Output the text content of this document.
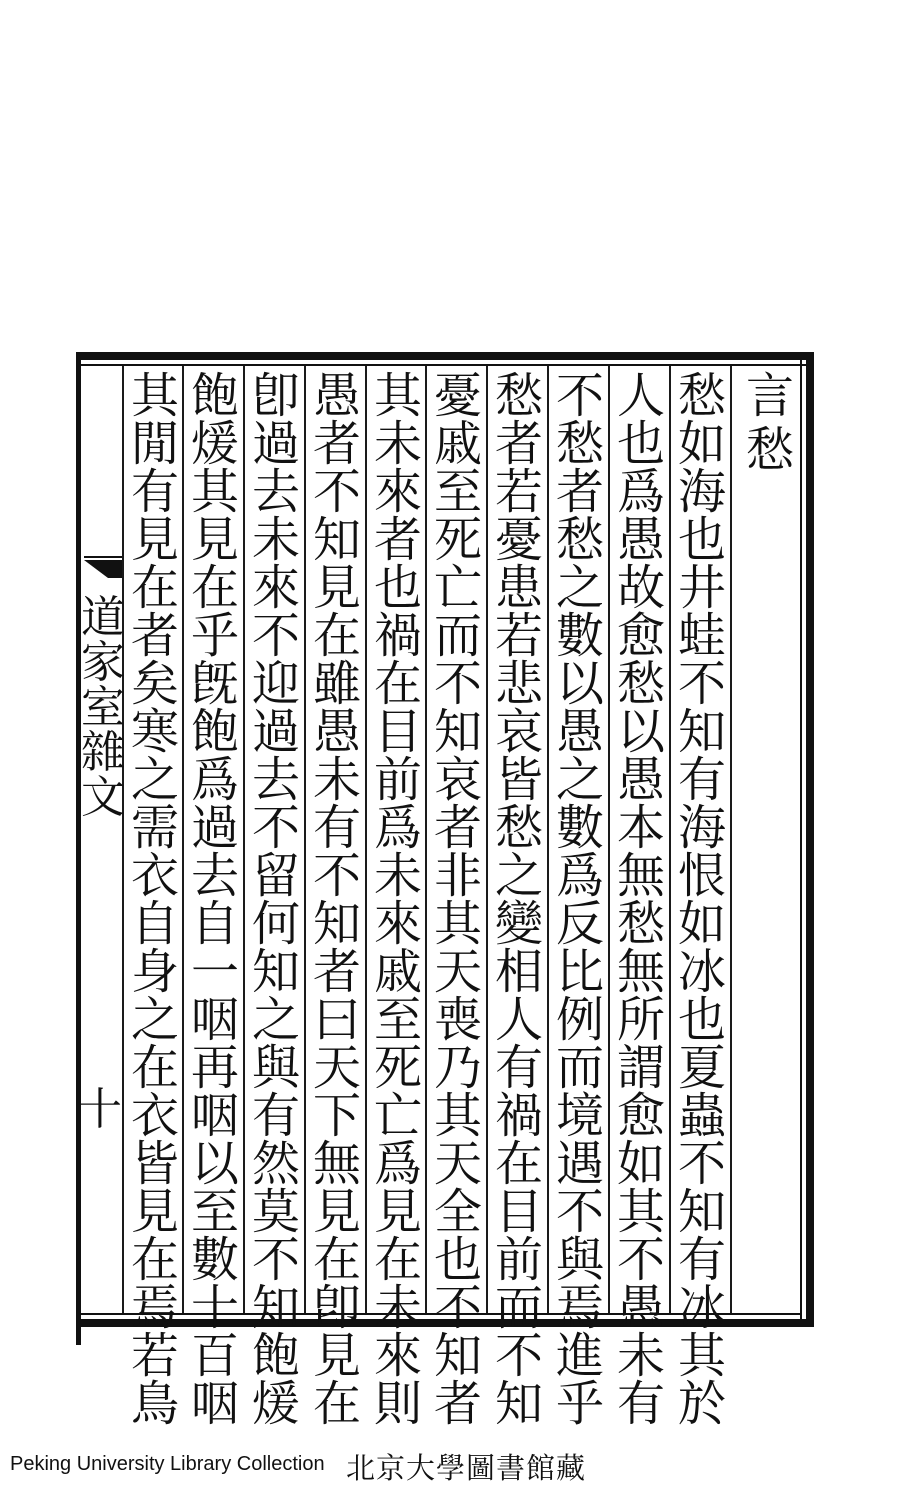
道
家
室
雜
文
十
言
愁
愁
如
海
也
井
蛙
不
知
有
海
恨
如
冰
也
夏
蟲
不
知
有
冰
其
於
人
也
爲
愚
故
愈
愁
以
愚
本
無
愁
無
所
謂
愈
如
其
不
愚
未
有
不
愁
者
愁
之
數
以
愚
之
數
爲
反
比
例
而
境
遇
不
與
焉
進
乎
愁
者
若
憂
患
若
悲
哀
皆
愁
之
變
相
人
有
禍
在
目
前
而
不
知
憂
戚
至
死
亡
而
不
知
哀
者
非
其
天
喪
乃
其
天
全
也
不
知
者
其
未
來
者
也
禍
在
目
前
爲
未
來
戚
至
死
亡
爲
見
在
未
來
則
愚
者
不
知
見
在
雖
愚
未
有
不
知
者
曰
天
下
無
見
在
卽
見
在
卽
過
去
未
來
不
迎
過
去
不
留
何
知
之
與
有
然
莫
不
知
飽
煖
飽
煖
其
見
在
乎
旣
飽
爲
過
去
自
一
咽
再
咽
以
至
數
十
百
咽
其
閒
有
見
在
者
矣
寒
之
需
衣
自
身
之
在
衣
皆
見
在
焉
若
鳥
Peking University Library Collection 北京大學圖書館藏
